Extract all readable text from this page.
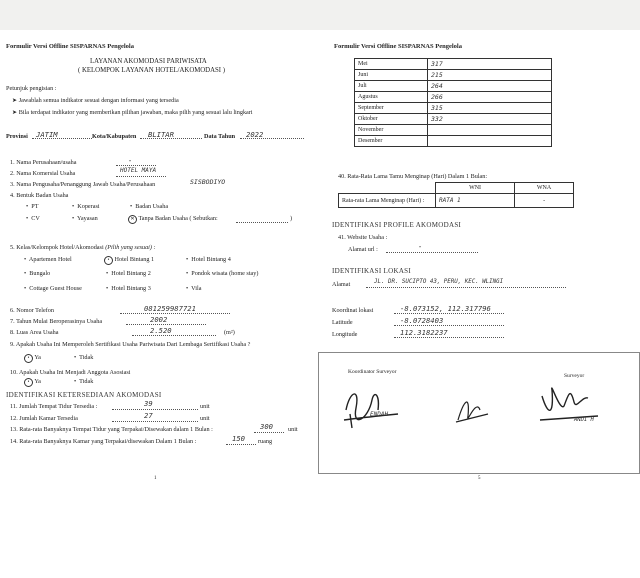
Formulir Versi Offline SISPARNAS Pengelola
LAYANAN AKOMODASI PARIWISATA
( KELOMPOK LAYANAN HOTEL/AKOMODASI )
Petunjuk pengisian :
➤ Jawablah semua indikator sesuai dengan informasi yang tersedia
➤ Bila terdapat indikator yang memberikan pilihan jawaban, maka pilih yang sesuai lalu lingkari
Provinsi JATIM	Kota/Kabupaten BLITAR	Data Tahun 2022
1. Nama Perusahaan/usaha	-
2. Nama Komersial Usaha	HOTEL MAYA
3. Nama Pengusaha/Penanggung Jawab Usaha/Perusahaan	SISBODIYO
4. Bentuk Badan Usaha
•  PT	•  Koperasi	•  Badan Usaha
•  CV	•  Yayasan	✕ Tanpa Badan Usaha ( Sebutkan:	)
5. Kelas/Kelompok Hotel/Akomodasi (Pilih yang sesuai) :
•  Apartemen Hotel	• Hotel Bintang 1	•  Hotel Bintang 4
•  Bungalo	•  Hotel Bintang 2	•  Pondok wisata (home stay)
•  Cottage Guest House	•  Hotel Bintang 3	•  Vila
6. Nomor Telefon	081259987721
7. Tahun Mulai Beroperasinya Usaha	2002
8. Luas Area Usaha	2.520	(m²)
9. Apakah Usaha Ini Memperoleh Sertifikasi Usaha Pariwisata Dari Lembaga Sertifikasi Usaha ?
• Ya	•  Tidak
10. Apakah Usaha Ini Menjadi Anggota Asosiasi
• Ya	•  Tidak
IDENTIFIKASI KETERSEDIAAN AKOMODASI
11. Jumlah Tempat Tidur Tersedia :	39	unit
12. Jumlah Kamar Tersedia	27	unit
13. Rata-rata Banyaknya Tempat Tidur yang Terpakai/Disewakan dalam 1 Bulan :	300 unit
14. Rata-rata Banyaknya Kamar yang Terpakai/disewakan Dalam 1 Bulan :	150 ruang
1
Formulir Versi Offline SISPARNAS Pengelola
Mei	317
Juni	215
Juli	264
Agustus	266
September	315
Oktober	332
November	
Desember	
40. Rata-Rata Lama Tamu Menginap (Hari) Dalam 1 Bulan:
	WNI	WNA
Rata-rata Lama Menginap (Hari) :	RATA 1	-
IDENTIFIKASI PROFILE AKOMODASI
41. Website Usaha :
Alamat url :	-
IDENTIFIKASI LOKASI
Alamat	JL. DR. SUCIPTO 43, PERU, KEC. WLINGI
Koordinat lokasi	-8.073152, 112.317796
Latitude	-8.0728403
Longitude	112.3182237
Koordinator Surveyor
Surveyor
ENDAH
ANDI H
5
